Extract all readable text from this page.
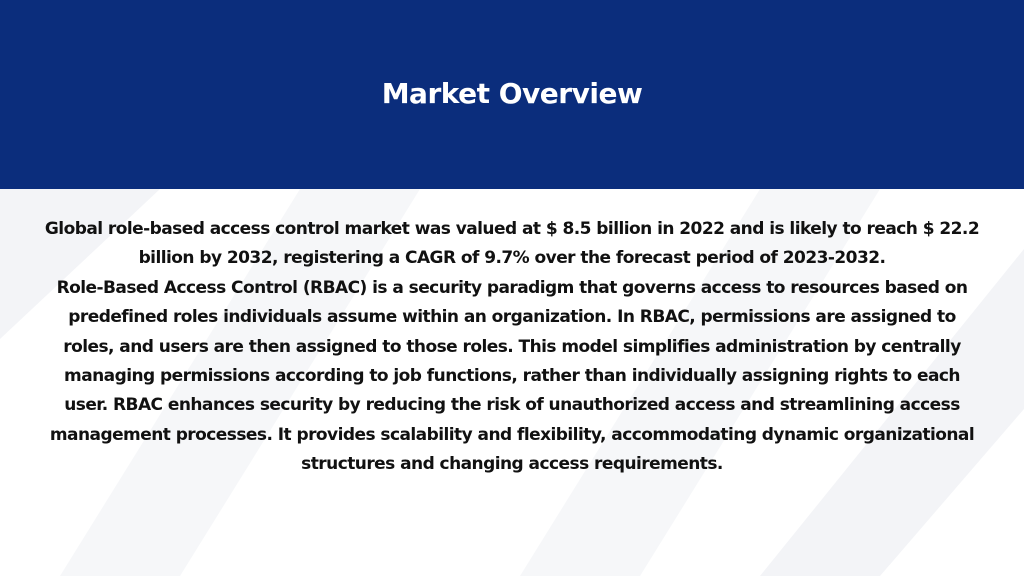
Market Overview

Global role-based access control market was valued at $ 8.5 billion in 2022 and is likely to reach $ 22.2 billion by 2032, registering a CAGR of 9.7% over the forecast period of 2023-2032.

Role-Based Access Control (RBAC) is a security paradigm that governs access to resources based on predefined roles individuals assume within an organization. In RBAC, permissions are assigned to roles, and users are then assigned to those roles. This model simplifies administration by centrally managing permissions according to job functions, rather than individually assigning rights to each user. RBAC enhances security by reducing the risk of unauthorized access and streamlining access management processes. It provides scalability and flexibility, accommodating dynamic organizational structures and changing access requirements.
